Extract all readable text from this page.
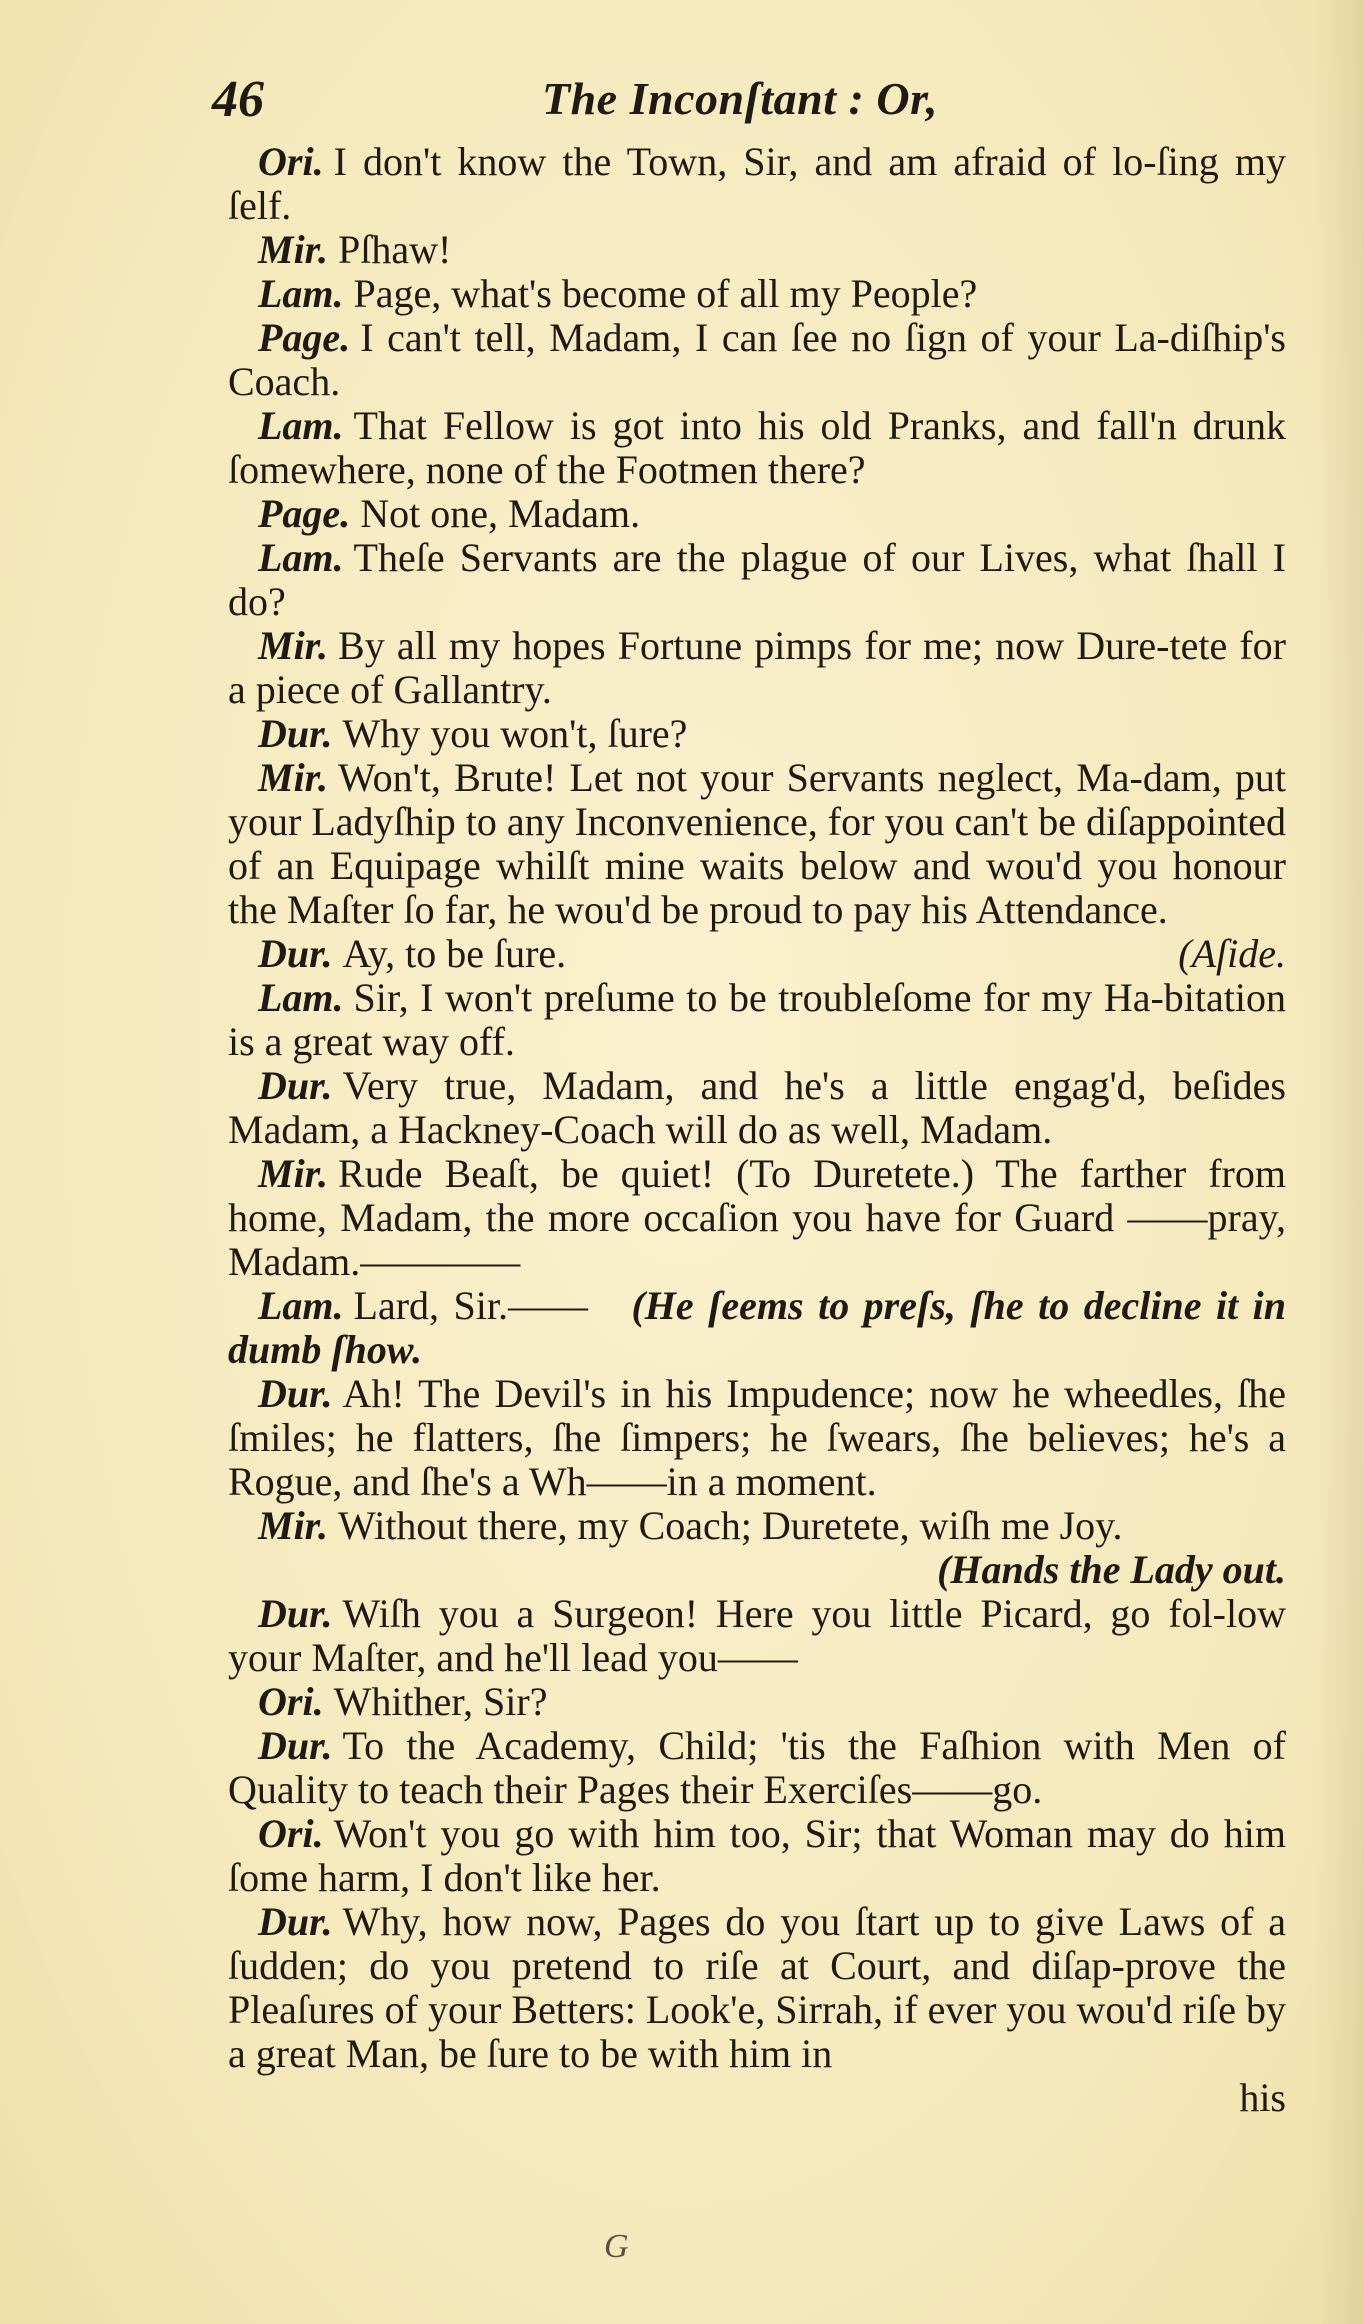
46	The Inconſtant : Or,

Ori. I don't know the Town, Sir, and am afraid of lo-ſing my ſelf.

Mir. Pſhaw!

Lam. Page, what's become of all my People?

Page. I can't tell, Madam, I can ſee no ſign of your La-diſhip's Coach.

Lam. That Fellow is got into his old Pranks, and fall'n drunk ſomewhere, none of the Footmen there?

Page. Not one, Madam.

Lam. Theſe Servants are the plague of our Lives, what ſhall I do?

Mir. By all my hopes Fortune pimps for me; now Dure-tete for a piece of Gallantry.

Dur. Why you won't, ſure?

Mir. Won't, Brute! Let not your Servants neglect, Ma-dam, put your Ladyſhip to any Inconvenience, for you can't be diſappointed of an Equipage whilſt mine waits below and wou'd you honour the Maſter ſo far, he wou'd be proud to pay his Attendance.

Dur. Ay, to be ſure.	(Aſide.

Lam. Sir, I won't preſume to be troubleſome for my Ha-bitation is a great way off.

Dur. Very true, Madam, and he's a little engag'd, beſides Madam, a Hackney-Coach will do as well, Madam.

Mir. Rude Beaſt, be quiet! (To Duretete.) The farther from home, Madam, the more occaſion you have for Guard ——pray, Madam.————

Lam. Lard, Sir.—— (He ſeems to preſs, ſhe to decline it in dumb ſhow.

Dur. Ah! The Devil's in his Impudence; now he wheedles, ſhe ſmiles; he flatters, ſhe ſimpers; he ſwears, ſhe believes; he's a Rogue, and ſhe's a Wh——in a moment.

Mir. Without there, my Coach; Duretete, wiſh me Joy.

(Hands the Lady out.

Dur. Wiſh you a Surgeon! Here you little Picard, go fol-low your Maſter, and he'll lead you——

Ori. Whither, Sir?

Dur. To the Academy, Child; 'tis the Faſhion with Men of Quality to teach their Pages their Exerciſes——go.

Ori. Won't you go with him too, Sir; that Woman may do him ſome harm, I don't like her.

Dur. Why, how now, Pages do you ſtart up to give Laws of a ſudden; do you pretend to riſe at Court, and diſap-prove the Pleaſures of your Betters: Look'e, Sirrah, if ever you wou'd riſe by a great Man, be ſure to be with him in

his

G
